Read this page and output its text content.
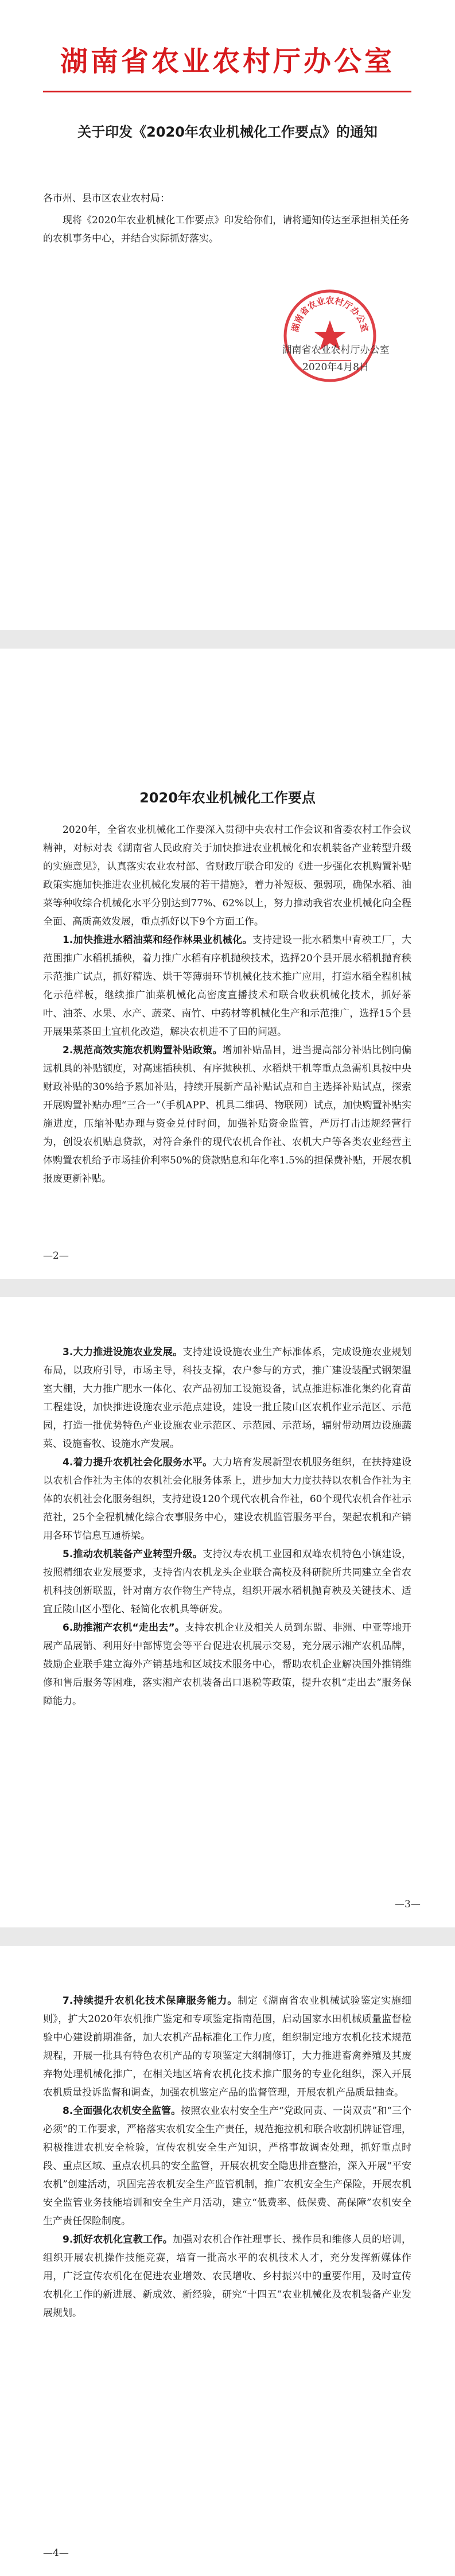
湖南省农业农村厅办公室
关于印发《2020年农业机械化工作要点》的通知
各市州、县市区农业农村局：

现将《2020年农业机械化工作要点》印发给你们，请将通知传达至承担相关任务的农机事务中心，并结合实际抓好落实。

湖南省农业农村厅办公室
湖南省农业农村厅办公室
2020年4月8日
2020年农业机械化工作要点

2020年，全省农业机械化工作要深入贯彻中央农村工作会议和省委农村工作会议精神，对标对表《湖南省人民政府关于加快推进农业机械化和农机装备产业转型升级的实施意见》，认真落实农业农村部、省财政厅联合印发的《进一步强化农机购置补贴政策实施加快推进农业机械化发展的若干措施》，着力补短板、强弱项，确保水稻、油菜等种收综合机械化水平分别达到77%、62%以上，努力推动我省农业机械化向全程全面、高质高效发展，重点抓好以下9个方面工作。

1.加快推进水稻油菜和经作林果业机械化。支持建设一批水稻集中育秧工厂，大范围推广水稻机插秧，着力推广水稻有序机抛秧技术，选择20个县开展水稻机抛育秧示范推广试点，抓好精选、烘干等薄弱环节机械化技术推广应用，打造水稻全程机械化示范样板，继续推广油菜机械化高密度直播技术和联合收获机械化技术，抓好茶叶、油茶、水果、水产、蔬菜、南竹、中药材等机械化生产和示范推广，选择15个县开展果菜茶田土宜机化改造，解决农机进不了田的问题。

2.规范高效实施农机购置补贴政策。增加补贴品目，进当提高部分补贴比例向偏远机具的补贴额度，对高速插秧机、有序抛秧机、水稻烘干机等重点急需机具按中央财政补贴的30%给予累加补贴，持续开展新产品补贴试点和自主选择补贴试点，探索开展购置补贴办理“三合一”（手机APP、机具二维码、物联网）试点，加快购置补贴实施进度，压缩补贴办理与资金兑付时间，加强补贴资金监管，严厉打击违规经营行为，创设农机贴息贷款，对符合条件的现代农机合作社、农机大户等各类农业经营主体购置农机给予市场挂价利率50%的贷款贴息和年化率1.5%的担保费补贴，开展农机报废更新补贴。

—2—

3.大力推进设施农业发展。支持建设设施农业生产标准体系，完成设施农业规划布局，以政府引导，市场主导，科技支撑，农户参与的方式，推广建设装配式钢架温室大棚，大力推广肥水一体化、农产品初加工设施设备，试点推进标准化集约化育苗工程建设，加快推进设施农业示范点建设，建设一批丘陵山区农机作业示范区、示范园，打造一批优势特色产业设施农业示范区、示范园、示范场，辐射带动周边设施蔬菜、设施畜牧、设施水产发展。

4.着力提升农机社会化服务水平。大力培育发展新型农机服务组织，在扶持建设以农机合作社为主体的农机社会化服务体系上，进步加大力度扶持以农机合作社为主体的农机社会化服务组织，支持建设120个现代农机合作社，60个现代农机合作社示范社，25个全程机械化综合农事服务中心，建设农机监管服务平台，架起农机和产销用各环节信息互通桥梁。

5.推动农机装备产业转型升级。支持汉寿农机工业园和双峰农机特色小镇建设，按照精细农业发展要求，支持省内农机龙头企业联合高校及科研院所共同建立全省农机科技创新联盟，针对南方农作物生产特点，组织开展水稻机抛育秧及关键技术、适宜丘陵山区小型化、轻简化农机具等研发。

6.助推湘产农机“走出去”。支持农机企业及相关人员到东盟、非洲、中亚等地开展产品展销、利用好中部博览会等平台促进农机展示交易，充分展示湘产农机品牌，鼓励企业联手建立海外产销基地和区域技术服务中心，帮助农机企业解决国外推销维修和售后服务等困难，落实湘产农机装备出口退税等政策，提升农机“走出去”服务保障能力。

—3—

7.持续提升农机化技术保障服务能力。制定《湖南省农业机械试验鉴定实施细则》，扩大2020年农机推广鉴定和专项鉴定指南范围，启动国家水田机械质量监督检验中心建设前期准备，加大农机产品标准化工作力度，组织制定地方农机化技术规范规程，开展一批具有特色农机产品的专项鉴定大纲制修订，大力推进畜禽养殖及其废弃物处理机械化推广，在相关地区培育农机化技术推广服务的专业化组织，深入开展农机质量投诉监督和调查，加强农机鉴定产品的监督管理，开展农机产品质量抽查。

8.全面强化农机安全监管。按照农业农村安全生产“党政同责、一岗双责”和“三个必须”的工作要求，严格落实农机安全生产责任，规范拖拉机和联合收割机牌证管理，积极推进农机安全检验，宣传农机安全生产知识，严格事故调查处理，抓好重点时段、重点区域、重点农机具的安全监管，开展农机安全隐患排查整治，深入开展“平安农机”创建活动，巩固完善农机安全生产监管机制，推广农机安全生产保险，开展农机安全监管业务技能培训和安全生产月活动，建立“低费率、低保费、高保障”农机安全生产责任保险制度。

9.抓好农机化宣教工作。加强对农机合作社理事长、操作员和维修人员的培训，组织开展农机操作技能竞赛，培育一批高水平的农机技术人才，充分发挥新媒体作用，广泛宣传农机化在促进农业增效、农民增收、乡村振兴中的重要作用，及时宣传农机化工作的新进展、新成效、新经验，研究“十四五”农业机械化及农机装备产业发展规划。

—4—
